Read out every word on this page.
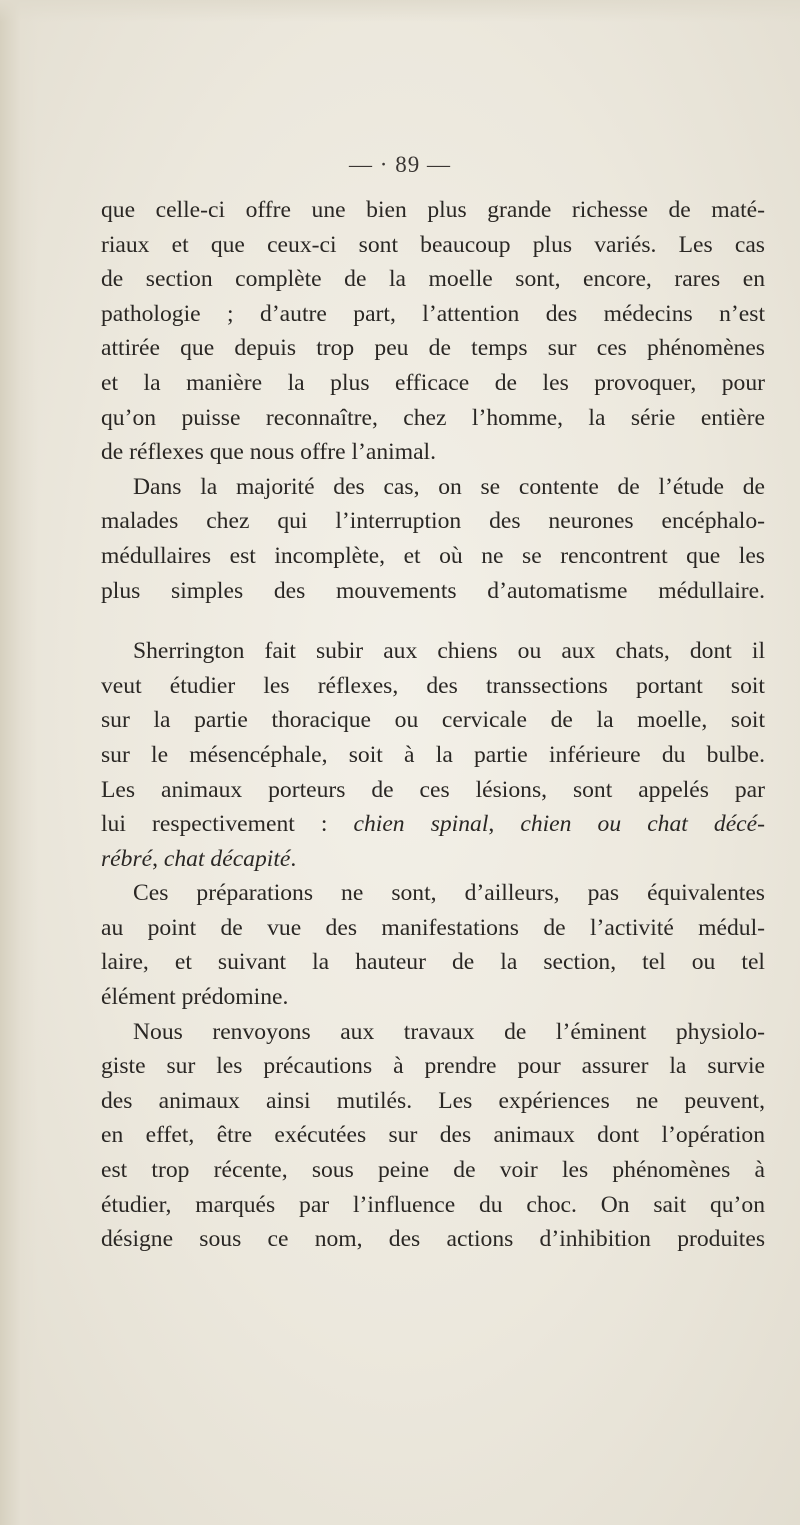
— · 89 —
que celle-ci offre une bien plus grande richesse de maté-
riaux et que ceux-ci sont beaucoup plus variés. Les cas
de section complète de la moelle sont, encore, rares en
pathologie ; d’autre part, l’attention des médecins n’est
attirée que depuis trop peu de temps sur ces phénomènes
et la manière la plus efficace de les provoquer, pour
qu’on puisse reconnaître, chez l’homme, la série entière
de réflexes que nous offre l’animal.
Dans la majorité des cas, on se contente de l’étude de
malades chez qui l’interruption des neurones encéphalo-
médullaires est incomplète, et où ne se rencontrent que les
plus simples des mouvements d’automatisme médullaire.
Sherrington fait subir aux chiens ou aux chats, dont il
veut étudier les réflexes, des transsections portant soit
sur la partie thoracique ou cervicale de la moelle, soit
sur le mésencéphale, soit à la partie inférieure du bulbe.
Les animaux porteurs de ces lésions, sont appelés par
lui respectivement : chien spinal, chien ou chat décé-
rébré, chat décapité.
Ces préparations ne sont, d’ailleurs, pas équivalentes
au point de vue des manifestations de l’activité médul-
laire, et suivant la hauteur de la section, tel ou tel
élément prédomine.
Nous renvoyons aux travaux de l’éminent physiolo-
giste sur les précautions à prendre pour assurer la survie
des animaux ainsi mutilés. Les expériences ne peuvent,
en effet, être exécutées sur des animaux dont l’opération
est trop récente, sous peine de voir les phénomènes à
étudier, marqués par l’influence du choc. On sait qu’on
désigne sous ce nom, des actions d’inhibition produites
